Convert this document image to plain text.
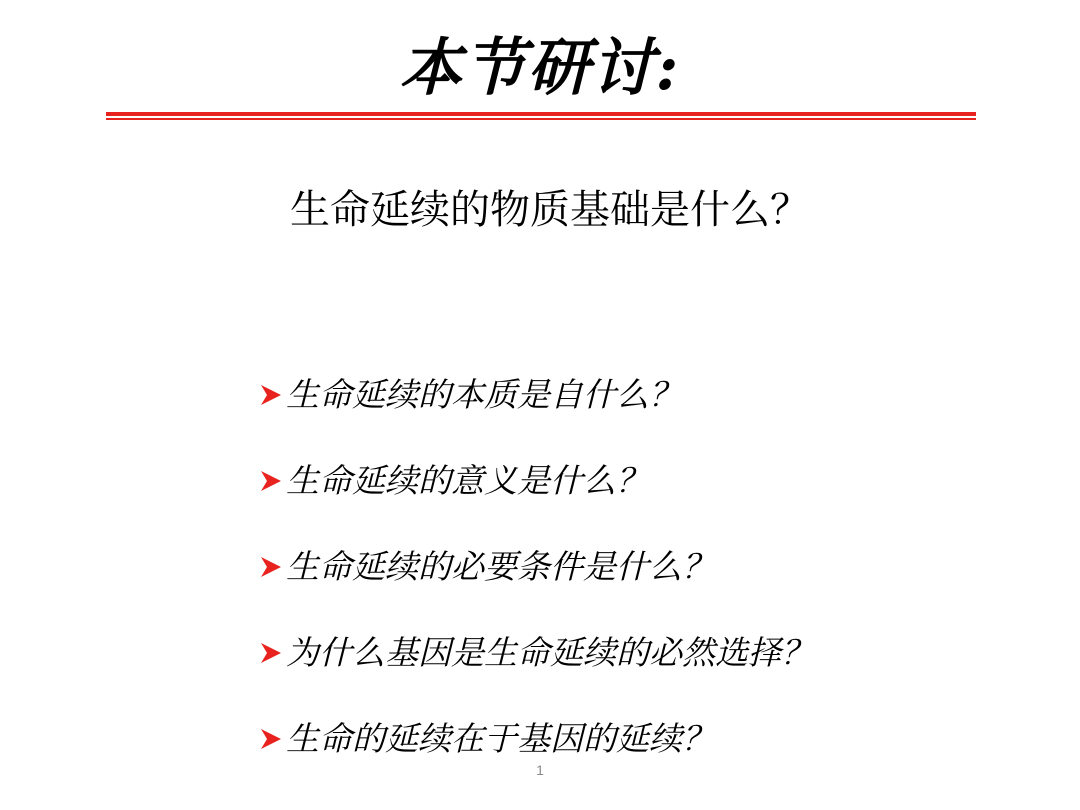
本节研讨:
生命延续的物质基础是什么？
生命延续的本质是自什么？
生命延续的意义是什么？
生命延续的必要条件是什么？
为什么基因是生命延续的必然选择？
生命的延续在于基因的延续？
1
